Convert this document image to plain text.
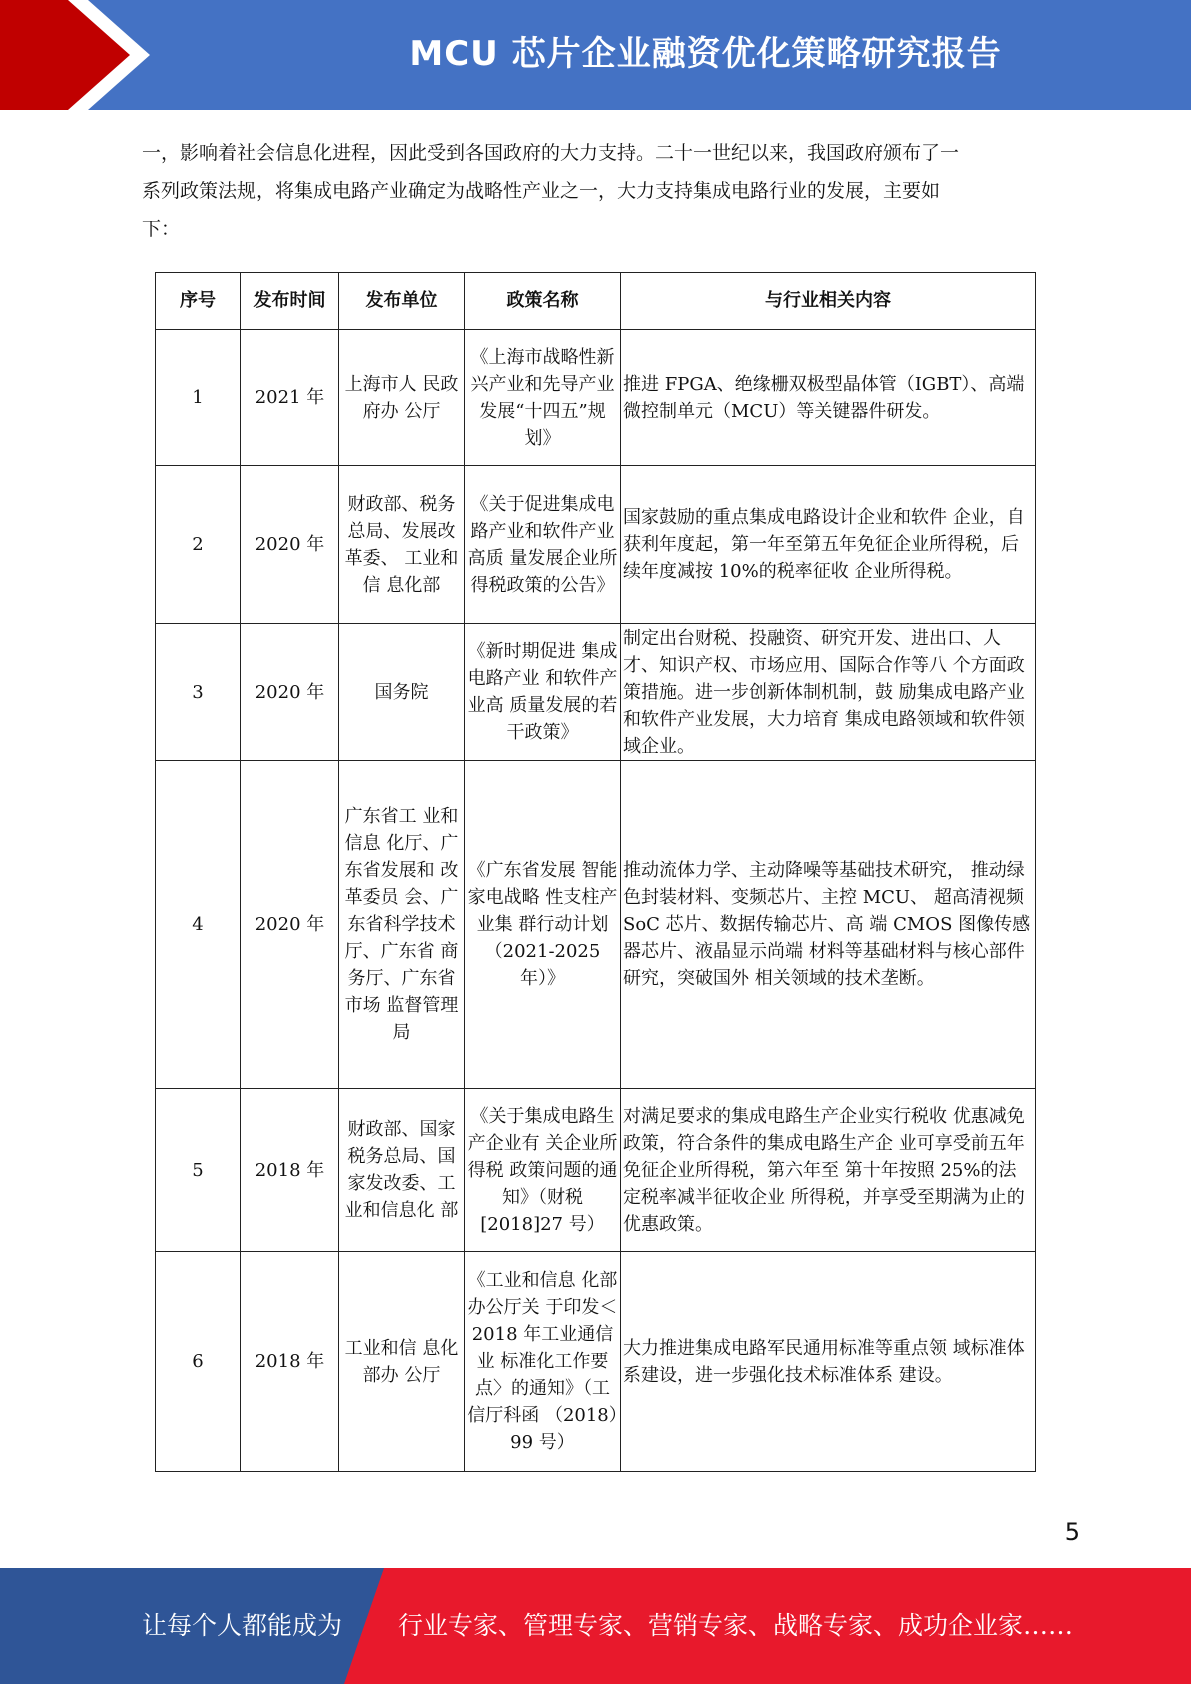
MCU 芯片企业融资优化策略研究报告

一，影响着社会信息化进程，因此受到各国政府的大力支持。二十一世纪以来，我国政府颁布了一

系列政策法规，将集成电路产业确定为战略性产业之一，大力支持集成电路行业的发展，主要如

下：

序号	发布时间	发布单位	政策名称	与行业相关内容
1	2021 年	上海市人 民政府办 公厅	《上海市战略性新兴产业和先导产业发展“十四五”规划》	推进 FPGA、绝缘栅双极型晶体管（IGBT）、高端微控制单元（MCU）等关键器件研发。
2	2020 年	财政部、税务总局、发展改革委、 工业和信 息化部	《关于促进集成电路产业和软件产业高质 量发展企业所 得税政策的公告》	国家鼓励的重点集成电路设计企业和软件 企业，自获利年度起，第一年至第五年免征企业所得税，后续年度减按 10%的税率征收 企业所得税。
3	2020 年	国务院	《新时期促进 集成电路产业 和软件产业高 质量发展的若 干政策》	制定出台财税、投融资、研究开发、进出口、人才、知识产权、市场应用、国际合作等八 个方面政策措施。进一步创新体制机制，鼓 励集成电路产业和软件产业发展，大力培育 集成电路领域和软件领域企业。
4	2020 年	广东省工 业和信息 化厅、广东省发展和 改革委员 会、广东省科学技术 厅、广东省 商务厅、广东省市场 监督管理 局	《广东省发展 智能家电战略 性支柱产业集 群行动计划（2021-2025 年）》	推动流体力学、主动降噪等基础技术研究， 推动绿色封装材料、变频芯片、主控 MCU、 超高清视频 SoC 芯片、数据传输芯片、高 端 CMOS 图像传感器芯片、液晶显示尚端 材料等基础材料与核心部件研究，突破国外 相关领域的技术垄断。
5	2018 年	财政部、国家税务总局、国家发改委、工业和信息化 部	《关于集成电路生产企业有 关企业所得税 政策问题的通知》（财税[2018]27 号）	对满足要求的集成电路生产企业实行税收 优惠减免政策，符合条件的集成电路生产企 业可享受前五年免征企业所得税，第六年至 第十年按照 25%的法定税率减半征收企业 所得税，并享受至期满为止的优惠政策。
6	2018 年	工业和信 息化部办 公厅	《工业和信息 化部办公厅关 于印发＜2018 年工业通信业 标准化工作要 点〉的通知》（工信厅科函 （2018）99 号）	大力推进集成电路军民通用标准等重点领 域标准体系建设，进一步强化技术标准体系 建设。
5
让每个人都能成为 行业专家、管理专家、营销专家、战略专家、成功企业家……
